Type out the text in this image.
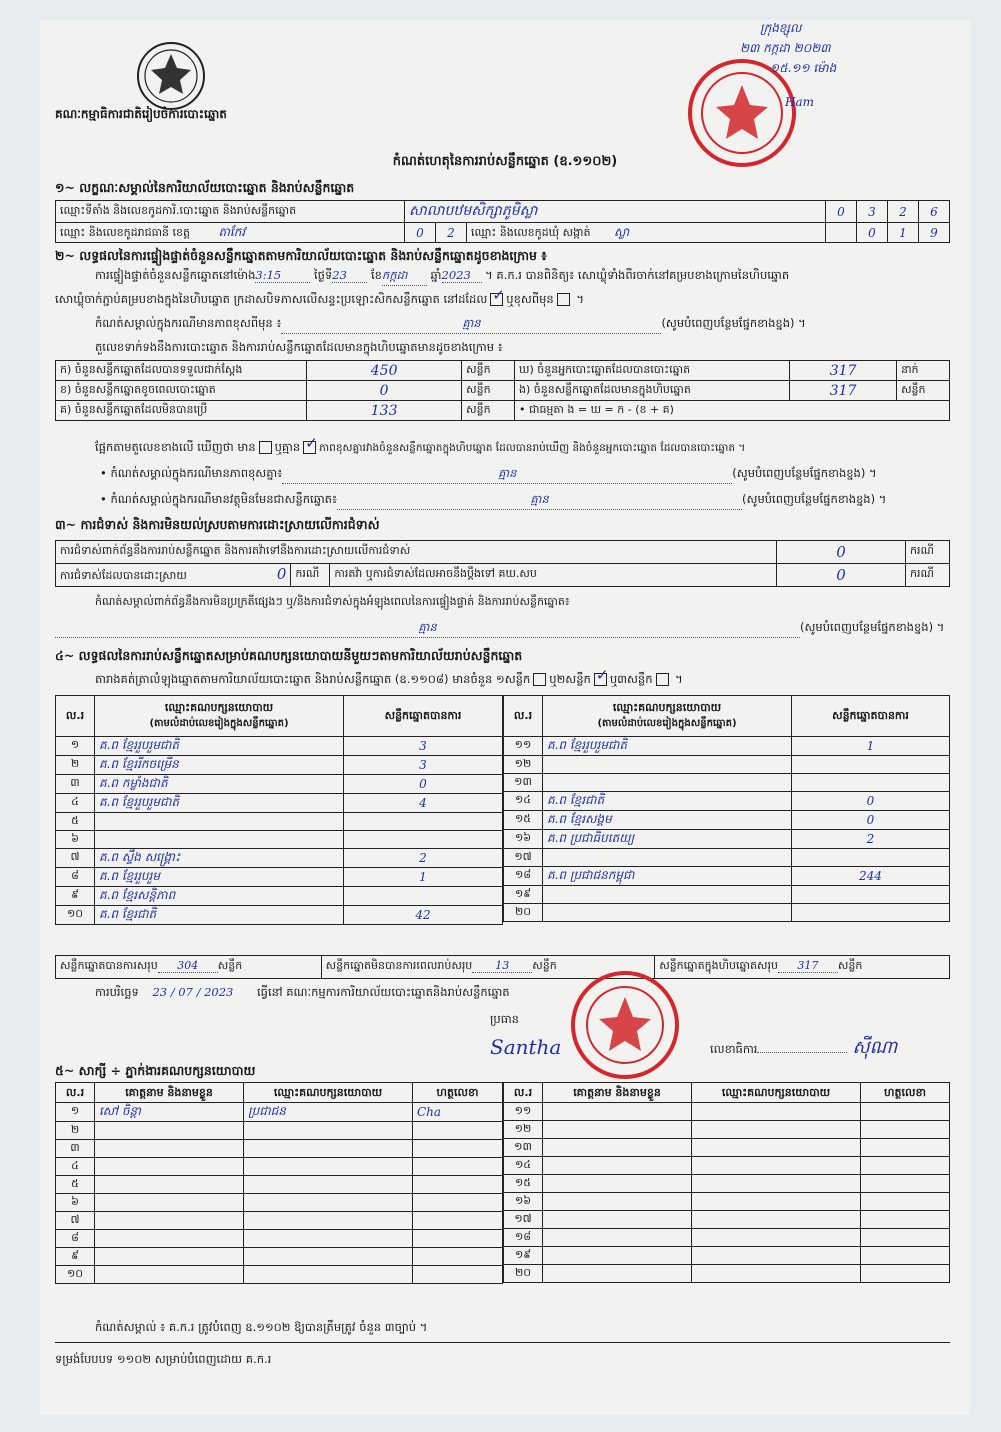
គណៈកម្មាធិការជាតិរៀបចំការបោះឆ្នោត
ក្រុងខ្សុល
២៣ កក្កដា ២០២៣
១៥.១១ ម៉ោង
Ham
កំណត់ហេតុនៃការរាប់សន្លឹកឆ្នោត (ឧ.១១០២)
១~ លក្ខណៈសម្គាល់នៃការិយាល័យបោះឆ្នោត និងរាប់សន្លឹកឆ្នោត
ឈ្មោះទីតាំង និងលេខកូដការិ.បោះឆ្នោត និងរាប់សន្លឹកឆ្នោត	សាលាបឋមសិក្សាភូមិស្លា			0	3	2	6
ឈ្មោះ និងលេខកូដរាជធានី ខេត្ត តាកែវ	0	2	ឈ្មោះ និងលេខកូដឃុំ សង្កាត់ ស្លា		0	1	9
២~ លទ្ធផលនៃការផ្ទៀងផ្ទាត់ចំនួនសន្លឹកឆ្នោតតាមការិយាល័យបោះឆ្នោត និងរាប់សន្លឹកឆ្នោតដូចខាងក្រោម ៖
ការផ្ទៀងផ្ទាត់ចំនួនសន្លឹកឆ្នោតនៅម៉ោង3:15	ថ្ងៃទី23 ខែកក្កដា ឆ្នាំ2023 ។ គ.ក.រ បានពិនិត្យ៖ សោឃ្លុំទាំងពីរចាក់នៅគម្របខាងក្រោមនៃហិបឆ្នោត
សោឃ្លុំចាក់ភ្ជាប់គម្របខាងក្នុងនៃហិបឆ្នោត ក្រដាសបិទភាសលើសន្ទះប្រឡោះសិកសន្លឹកឆ្នោត នៅដដែល ✓ ឬខុសពីមុន ។
កំណត់សម្គាល់ក្នុងករណីមានភាពខុសពីមុន ៖	គ្មាន	(សូមបំពេញបន្ថែមផ្នែកខាងខ្នង) ។
តួលេខទាក់ទងនឹងការបោះឆ្នោត និងការរាប់សន្លឹកឆ្នោតដែលមានក្នុងហិបឆ្នោតមានដូចខាងក្រោម ៖
ក) ចំនួនសន្លឹកឆ្នោតដែលបានទទួលជាក់ស្តែង	450	សន្លឹក	ឃ) ចំនួនអ្នកបោះឆ្នោតដែលបានបោះឆ្នោត	317	នាក់
ខ) ចំនួនសន្លឹកឆ្នោតខូចពេលបោះឆ្នោត	0	សន្លឹក	ង) ចំនួនសន្លឹកឆ្នោតដែលមានក្នុងហិបឆ្នោត	317	សន្លឹក
គ) ចំនួនសន្លឹកឆ្នោតដែលមិនបានប្រើ	133	សន្លឹក	• ជាធម្មតា ង = ឃ = ក - (ខ + គ)		
ផ្អែកតាមតួលេខខាងលើ ឃើញថា មាន ឬគ្មាន ✓ ភាពខុសគ្នារវាងចំនួនសន្លឹកឆ្នោតក្នុងហិបឆ្នោត ដែលបានរាប់ឃើញ និងចំនួនអ្នកបោះឆ្នោត ដែលបានបោះឆ្នោត ។
• កំណត់សម្គាល់ក្នុងករណីមានភាពខុសគ្នា៖	គ្មាន	(សូមបំពេញបន្ថែមផ្នែកខាងខ្នង) ។
• កំណត់សម្គាល់ក្នុងករណីមានវត្ថុមិនមែនជាសន្លឹកឆ្នោត៖	គ្មាន	(សូមបំពេញបន្ថែមផ្នែកខាងខ្នង) ។
៣~ ការជំទាស់ និងការមិនយល់ស្របតាមការដោះស្រាយលើការជំទាស់
ការជំទាស់ពាក់ព័ន្ធនឹងការរាប់សន្លឹកឆ្នោត និងការតវ៉ាទៅនឹងការដោះស្រាយលើការជំទាស់			0	ករណី
ការជំទាស់ដែលបានដោះស្រាយ 0	ករណី	ការតវ៉ា ឬការជំទាស់ដែលអាចនឹងប្តឹងទៅ គឃ.សប	0	ករណី
កំណត់សម្គាល់ពាក់ព័ន្ធនឹងការមិនប្រក្រតីផ្សេងៗ ឬ/និងការជំទាស់ក្នុងអំឡុងពេលនៃការផ្ទៀងផ្ទាត់ និងការរាប់សន្លឹកឆ្នោត៖
គ្មាន	(សូមបំពេញបន្ថែមផ្នែកខាងខ្នង) ។
៤~ លទ្ធផលនៃការរាប់សន្លឹកឆ្នោតសម្រាប់គណបក្សនយោបាយនីមួយៗតាមការិយាល័យរាប់សន្លឹកឆ្នោត
តារាងគត់ត្រាលំឡុងឆ្នោតតាមការិយាល័យបោះឆ្នោត និងរាប់សន្លឹកឆ្នោត (ឧ.១១០៨) មានចំនួន ១សន្លឹក ឬ២សន្លឹក ✓ ឬ៣សន្លឹក ។
ល.រ	ឈ្មោះគណបក្សនយោបាយ
(តាមលំដាប់លេខរៀងក្នុងសន្លឹកឆ្នោត)	សន្លឹកឆ្នោតបានការ
១	គ.ព ខ្មែររួបរួមជាតិ	3
២	គ.ព ខ្មែររីកចម្រើន	3
៣	គ.ព កម្លាំងជាតិ	0
៤	គ.ព ខ្មែររួបរួមជាតិ	4
៥		
៦		
៧	គ.ព ស្ទឹង សង្គ្រោះ	2
៨	គ.ព ខ្មែររួបរួម	1
៩	គ.ព ខ្មែរសន្តិភាព	
១០	គ.ព ខ្មែរជាតិ	42
ល.រ	ឈ្មោះគណបក្សនយោបាយ
(តាមលំដាប់លេខរៀងក្នុងសន្លឹកឆ្នោត)	សន្លឹកឆ្នោតបានការ
១១	គ.ព ខ្មែររួបរួមជាតិ	1
១២		
១៣		
១៤	គ.ព ខ្មែរជាតិ	0
១៥	គ.ព ខ្មែរសង្គម	0
១៦	គ.ព ប្រជាធិបតេយ្យ	2
១៧		
១៨	គ.ព ប្រជាជនកម្ពុជា	244
១៩		
២០		
សន្លឹកឆ្នោតបានការសរុប 304 សន្លឹក	សន្លឹកឆ្នោតមិនបានការពេលរាប់សរុប 13 សន្លឹក	សន្លឹកឆ្នោតក្នុងហិបឆ្នោតសរុប 317 សន្លឹក
ការបរិច្ឆេទ 23 / 07 / 2023 ធ្វើនៅ គណៈកម្មការការិយាល័យបោះឆ្នោតនិងរាប់សន្លឹកឆ្នោត
ប្រធាន
Santha	លេខាធិការ	ស៊ីណា
៥~ សាក្សី ÷ ភ្នាក់ងារគណបក្សនយោបាយ
ល.រ	គោត្តនាម និងនាមខ្លួន	ឈ្មោះគណបក្សនយោបាយ	ហត្ថលេខា
១	សៅ ចិន្តា	ប្រជាជន	Cha
២			
៣			
៤			
៥			
៦			
៧			
៨			
៩			
១០			
ល.រ	គោត្តនាម និងនាមខ្លួន	ឈ្មោះគណបក្សនយោបាយ	ហត្ថលេខា
១១			
១២			
១៣			
១៤			
១៥			
១៦			
១៧			
១៨			
១៩			
២០			
កំណត់សម្គាល់ ៖ គ.ក.រ ត្រូវបំពេញ ឧ.១១០២ ឱ្យបានត្រឹមត្រូវ ចំនួន ៣ច្បាប់ ។
ទម្រង់បែបបទ ១១០២ សម្រាប់បំពេញដោយ គ.ក.រ
